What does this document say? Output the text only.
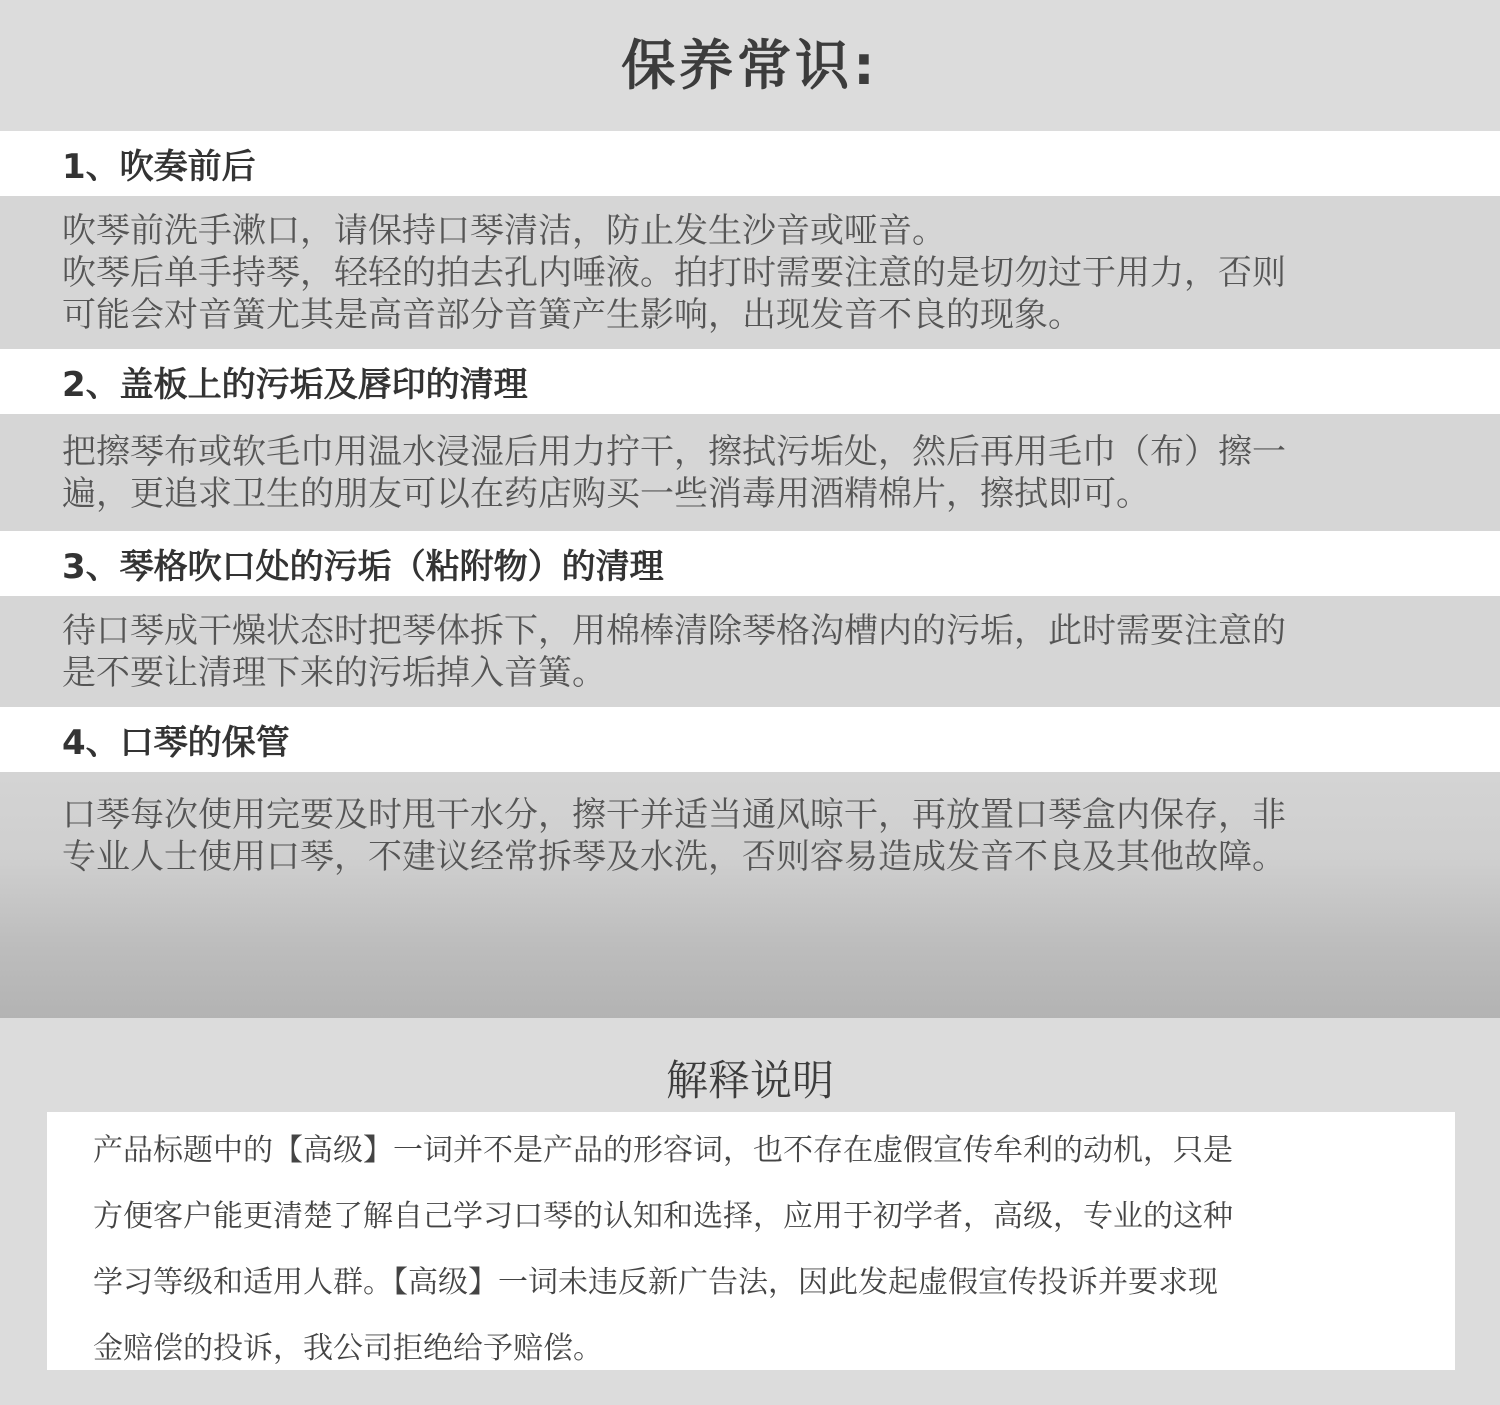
保养常识:
1、吹奏前后

吹琴前洗手漱口，请保持口琴清洁，防止发生沙音或哑音。

吹琴后单手持琴，轻轻的拍去孔内唾液。拍打时需要注意的是切勿过于用力，否则

可能会对音簧尤其是高音部分音簧产生影响，出现发音不良的现象。

2、盖板上的污垢及唇印的清理

把擦琴布或软毛巾用温水浸湿后用力拧干，擦拭污垢处，然后再用毛巾（布）擦一

遍，更追求卫生的朋友可以在药店购买一些消毒用酒精棉片，擦拭即可。

3、琴格吹口处的污垢（粘附物）的清理

待口琴成干燥状态时把琴体拆下，用棉棒清除琴格沟槽内的污垢，此时需要注意的

是不要让清理下来的污垢掉入音簧。

4、口琴的保管

口琴每次使用完要及时甩干水分，擦干并适当通风晾干，再放置口琴盒内保存，非

专业人士使用口琴，不建议经常拆琴及水洗，否则容易造成发音不良及其他故障。

解释说明

产品标题中的【高级】一词并不是产品的形容词，也不存在虚假宣传牟利的动机，只是

方便客户能更清楚了解自己学习口琴的认知和选择，应用于初学者，高级，专业的这种

学习等级和适用人群。【高级】一词未违反新广告法，因此发起虚假宣传投诉并要求现

金赔偿的投诉，我公司拒绝给予赔偿。
